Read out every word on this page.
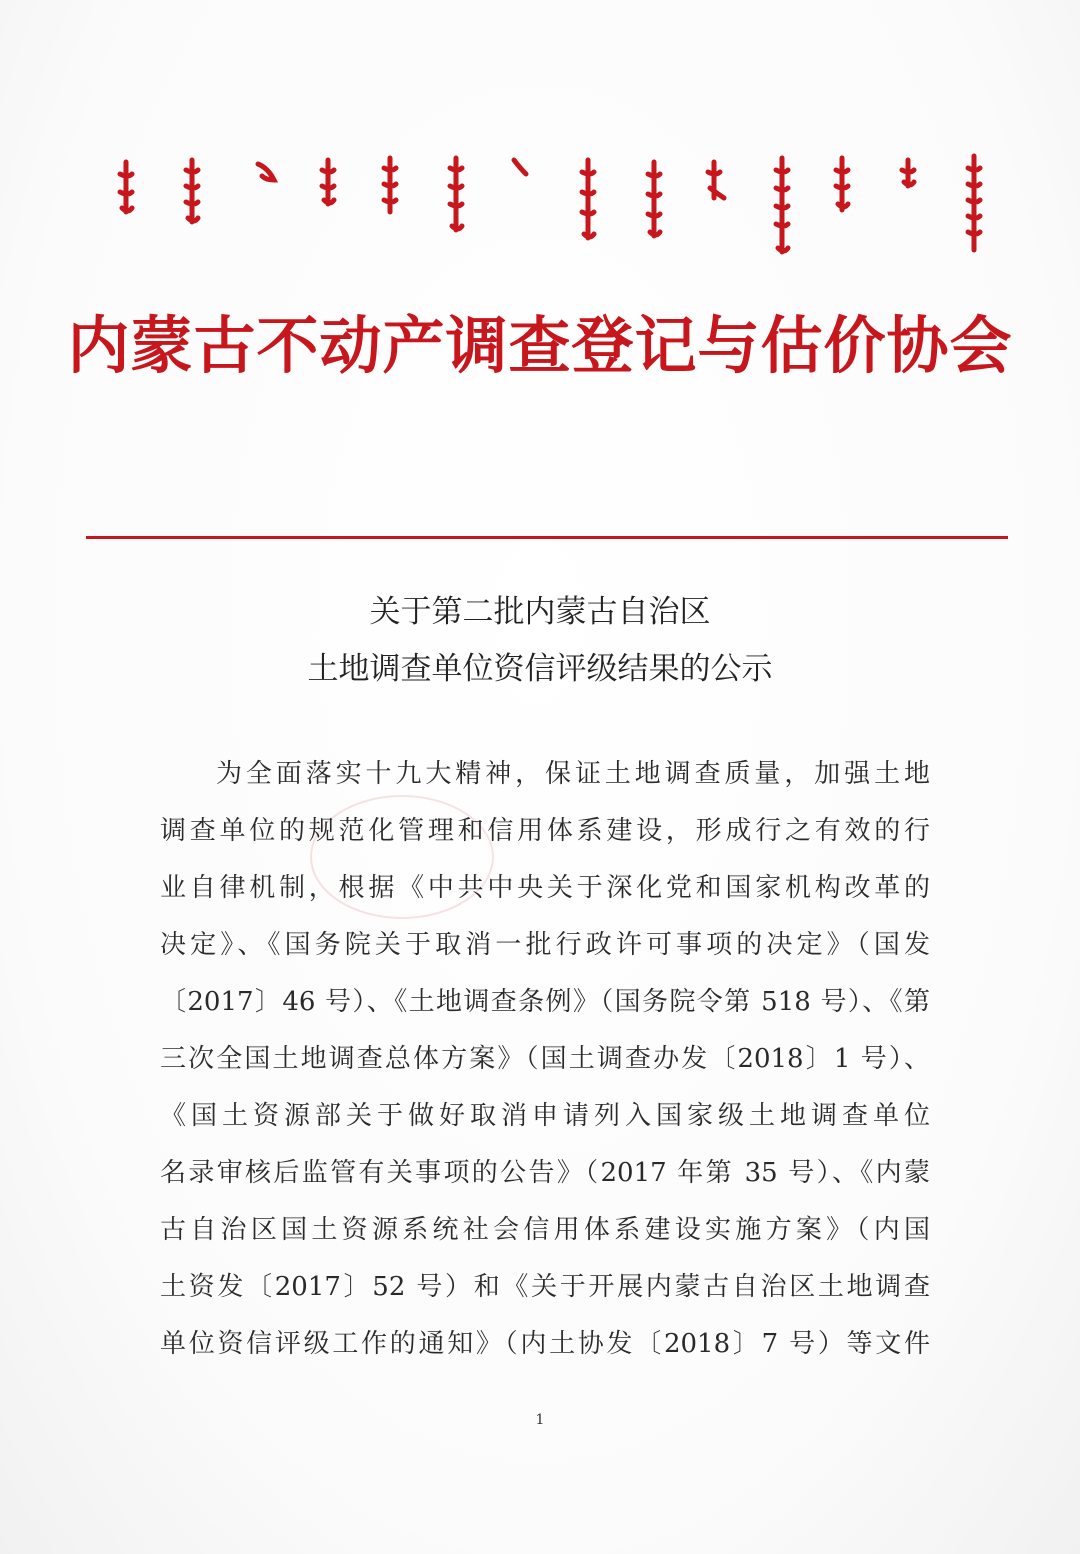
内蒙古不动产调查登记与估价协会
关于第二批内蒙古自治区
土地调查单位资信评级结果的公示
为全面落实十九大精神，保证土地调查质量，加强土地
调查单位的规范化管理和信用体系建设，形成行之有效的行
业自律机制，根据《中共中央关于深化党和国家机构改革的
决定》、《国务院关于取消一批行政许可事项的决定》（国发
〔2017〕46 号）、《土地调查条例》（国务院令第 518 号）、《第
三次全国土地调查总体方案》（国土调查办发〔2018〕1 号）、
《国土资源部关于做好取消申请列入国家级土地调查单位
名录审核后监管有关事项的公告》（2017 年第 35 号）、《内蒙
古自治区国土资源系统社会信用体系建设实施方案》（内国
土资发〔2017〕52 号）和《关于开展内蒙古自治区土地调查
单位资信评级工作的通知》（内土协发〔2018〕7 号）等文件
1
